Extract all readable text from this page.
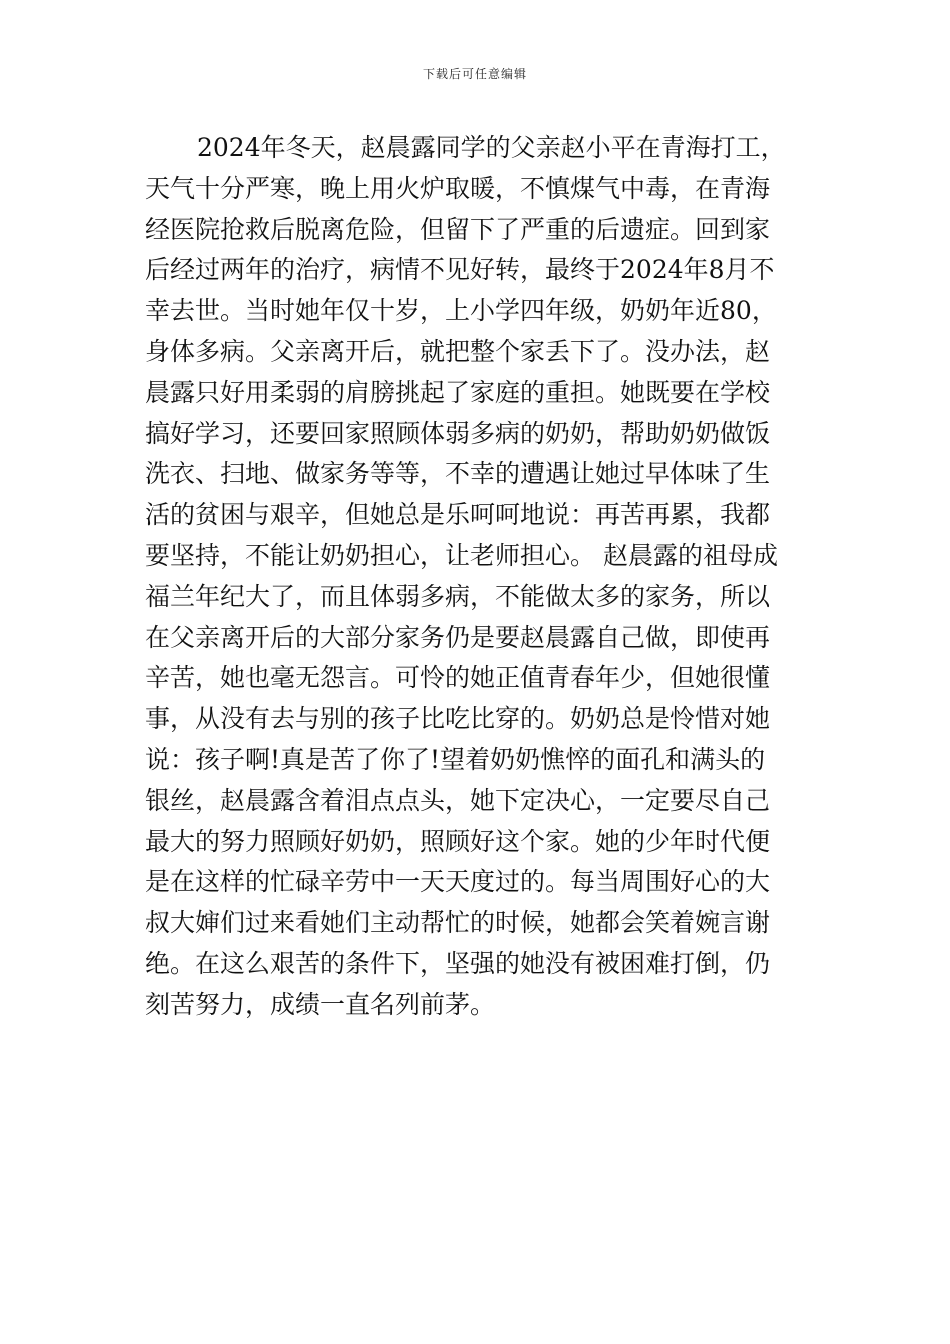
下载后可任意编辑
2024年冬天，赵晨露同学的父亲赵小平在青海打工，
天气十分严寒，晚上用火炉取暖，不慎煤气中毒，在青海
经医院抢救后脱离危险，但留下了严重的后遗症。回到家
后经过两年的治疗，病情不见好转，最终于2024年8月不
幸去世。当时她年仅十岁，上小学四年级，奶奶年近80，
身体多病。父亲离开后，就把整个家丢下了。没办法，赵
晨露只好用柔弱的肩膀挑起了家庭的重担。她既要在学校
搞好学习，还要回家照顾体弱多病的奶奶，帮助奶奶做饭
洗衣、扫地、做家务等等，不幸的遭遇让她过早体味了生
活的贫困与艰辛，但她总是乐呵呵地说：再苦再累，我都
要坚持，不能让奶奶担心，让老师担心。 赵晨露的祖母成
福兰年纪大了，而且体弱多病，不能做太多的家务，所以
在父亲离开后的大部分家务仍是要赵晨露自己做，即使再
辛苦，她也毫无怨言。可怜的她正值青春年少，但她很懂
事，从没有去与别的孩子比吃比穿的。奶奶总是怜惜对她
说：孩子啊!真是苦了你了!望着奶奶憔悴的面孔和满头的
银丝，赵晨露含着泪点点头，她下定决心，一定要尽自己
最大的努力照顾好奶奶，照顾好这个家。她的少年时代便
是在这样的忙碌辛劳中一天天度过的。每当周围好心的大
叔大婶们过来看她们主动帮忙的时候，她都会笑着婉言谢
绝。在这么艰苦的条件下，坚强的她没有被困难打倒，仍
刻苦努力，成绩一直名列前茅。
